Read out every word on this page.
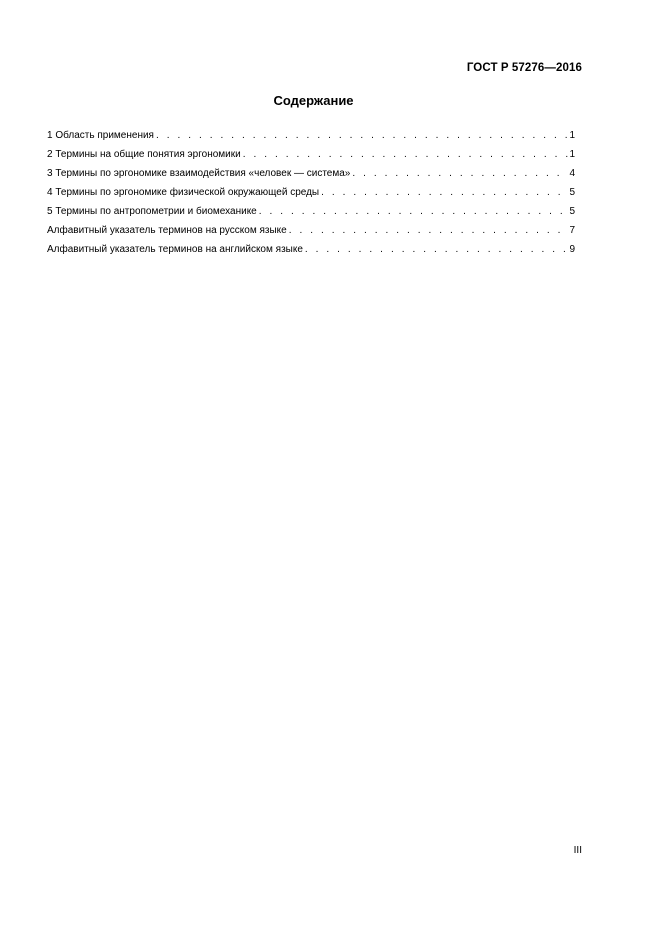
ГОСТ Р 57276—2016
Содержание
1 Область применения . . .	1
2 Термины на общие понятия эргономики . . .	1
3 Термины по эргономике взаимодействия «человек — система» . . .	4
4 Термины по эргономике физической окружающей среды . . .	5
5 Термины по антропометрии и биомеханике . . .	5
Алфавитный указатель терминов на русском языке . . .	7
Алфавитный указатель терминов на английском языке . . .	9
III
